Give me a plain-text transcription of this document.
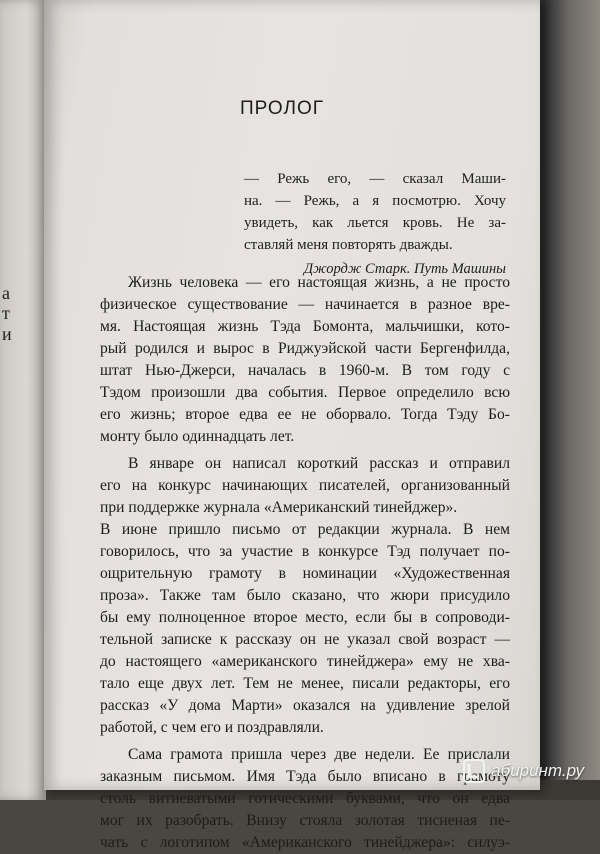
а
т
и
ПРОЛОГ
— Режь его, — сказал Маши-
на. — Режь, а я посмотрю. Хочу
увидеть, как льется кровь. Не за-
ставляй меня повторять дважды.
Джордж Старк. Путь Машины
Жизнь человека — его настоящая жизнь, а не просто
физическое существование — начинается в разное вре-
мя. Настоящая жизнь Тэда Бомонта, мальчишки, кото-
рый родился и вырос в Риджуэйской части Бергенфилда,
штат Нью-Джерси, началась в 1960-м. В том году с
Тэдом произошли два события. Первое определило всю
его жизнь; второе едва ее не оборвало. Тогда Тэду Бо-
монту было одиннадцать лет.
В январе он написал короткий рассказ и отправил
его на конкурс начинающих писателей, организованный
при поддержке журнала «Американский тинейджер».
В июне пришло письмо от редакции журнала. В нем
говорилось, что за участие в конкурсе Тэд получает по-
ощрительную грамоту в номинации «Художественная
проза». Также там было сказано, что жюри присудило
бы ему полноценное второе место, если бы в сопроводи-
тельной записке к рассказу он не указал свой возраст —
до настоящего «американского тинейджера» ему не хва-
тало еще двух лет. Тем не менее, писали редакторы, его
рассказ «У дома Марти» оказался на удивление зрелой
работой, с чем его и поздравляли.
Сама грамота пришла через две недели. Ее прислали
заказным письмом. Имя Тэда было вписано в грамоту
столь витиеватыми готическими буквами, что он едва
мог их разобрать. Внизу стояла золотая тисненая пе-
чать с логотипом «Американского тинейджера»: силуэ-
абиринт.ру
